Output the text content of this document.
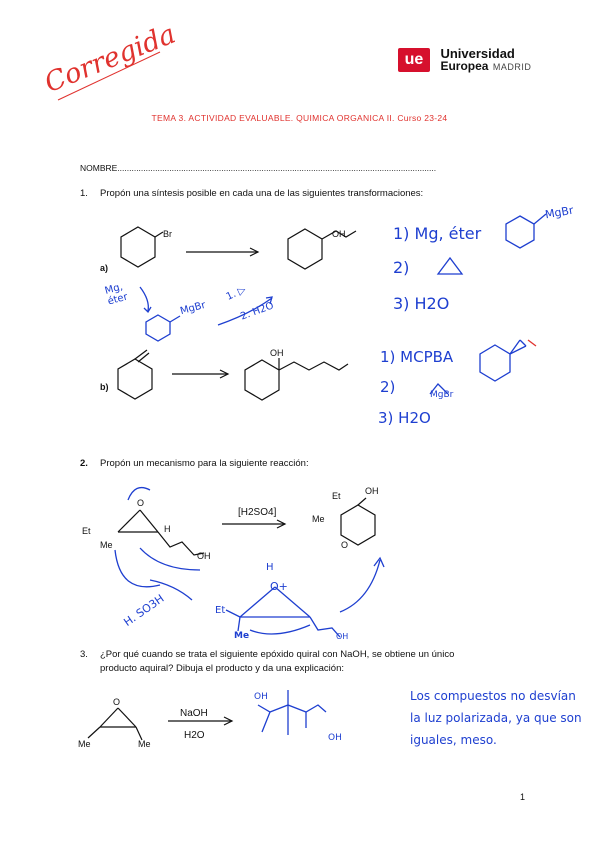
Corregida	ue Universidad
Europea MADRID
TEMA 3. ACTIVIDAD EVALUABLE. QUIMICA ORGANICA II. Curso 23-24
NOMBRE.......................................................................................................................................
1. Propón una síntesis posible en cada una de las siguientes transformaciones:
a)
b)
Br	OH
OH
Mg, éter
MgBr
1. ▷
2. H2O
1) Mg, éter
2)
3) H2O
MgBr
1) MCPBA
2)	MgBr
3) H2O
2. Propón un mecanismo para la siguiente reacción:
Et
Me
O
H
OH
[H2SO4]
Et
Me
OH
O
H. SO3H	Et
Me
H
O+
OH
3. ¿Por qué cuando se trata el siguiente epóxido quiral con NaOH, se obtiene un único
producto aquiral? Dibuja el producto y da una explicación:
O
Me	Me
NaOH
H2O
OH
OH
Los compuestos no desvían la luz polarizada, ya que son iguales, meso.
1
